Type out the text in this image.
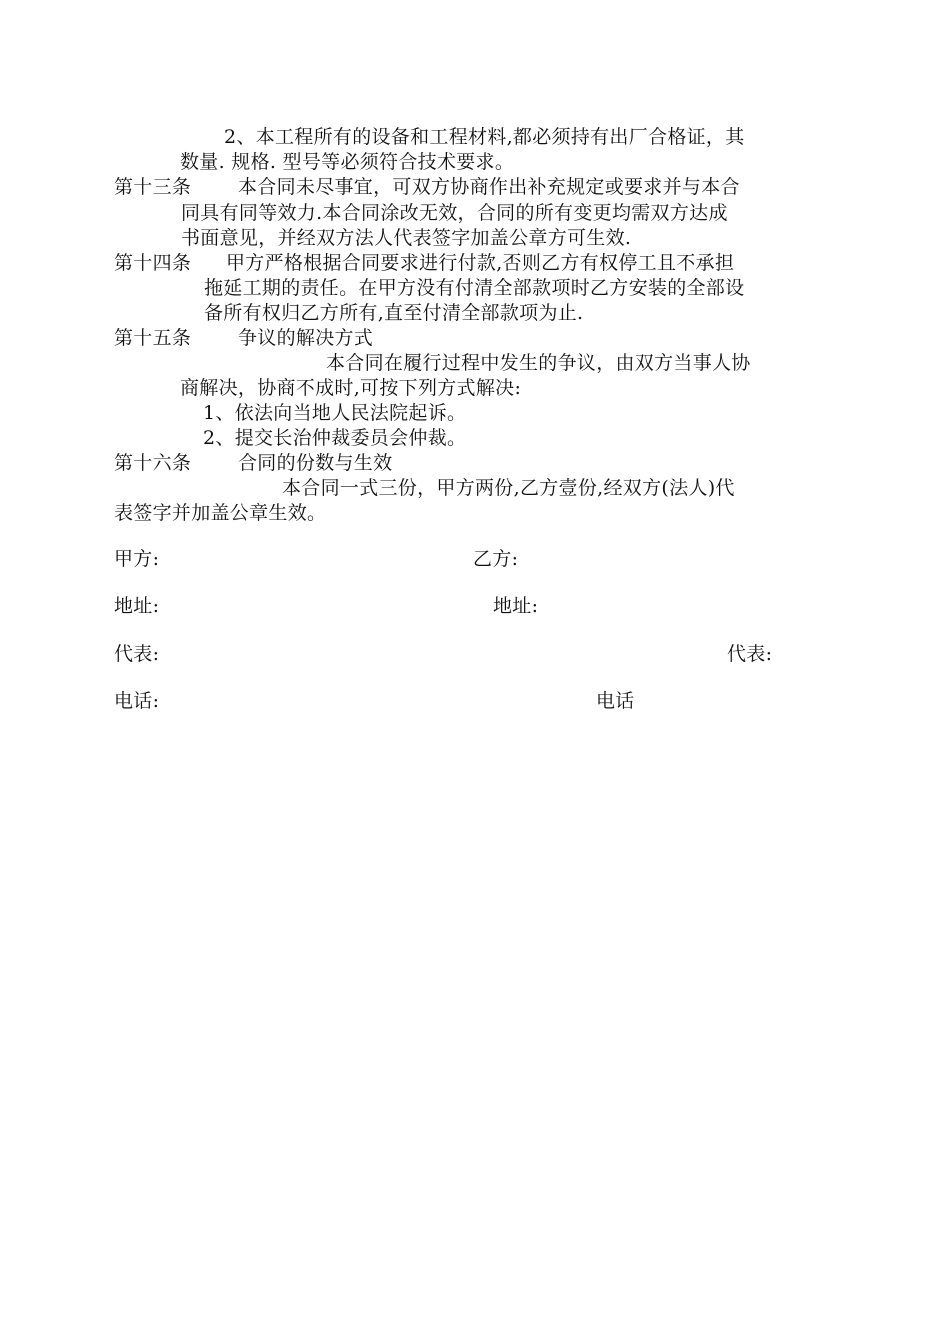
2、本工程所有的设备和工程材料,都必须持有出厂合格证，其
数量. 规格. 型号等必须符合技术要求。
第十三条 本合同未尽事宜，可双方协商作出补充规定或要求并与本合
同具有同等效力.本合同涂改无效，合同的所有变更均需双方达成
书面意见，并经双方法人代表签字加盖公章方可生效.
第十四条 甲方严格根据合同要求进行付款,否则乙方有权停工且不承担
拖延工期的责任。在甲方没有付清全部款项时乙方安装的全部设
备所有权归乙方所有,直至付清全部款项为止.
第十五条 争议的解决方式
本合同在履行过程中发生的争议，由双方当事人协
商解决，协商不成时,可按下列方式解决:
1、依法向当地人民法院起诉。
2、提交长治仲裁委员会仲裁。
第十六条 合同的份数与生效
本合同一式三份，甲方两份,乙方壹份,经双方(法人)代
表签字并加盖公章生效。
甲方:	乙方:
地址:	地址:
代表:	代表:
电话:	电话
